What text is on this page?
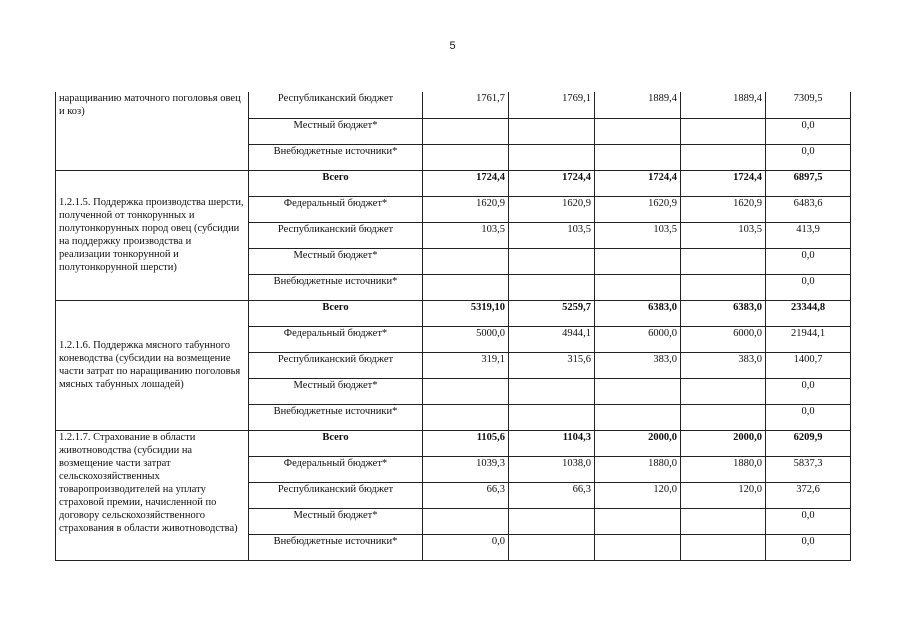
5
наращиванию маточного поголовья овец и коз)	Республиканский бюджет	1761,7	1769,1	1889,4	1889,4	7309,5
	Местный бюджет*					0,0
	Внебюджетные источники*					0,0
1.2.1.5. Поддержка производства шерсти, полученной от тонкорунных и полутонкорунных пород овец (субсидии на поддержку производства и реализации тонкорунной и полутонкорунной шерсти)	Всего	1724,4	1724,4	1724,4	1724,4	6897,5
	Федеральный бюджет*	1620,9	1620,9	1620,9	1620,9	6483,6
	Республиканский бюджет	103,5	103,5	103,5	103,5	413,9
	Местный бюджет*					0,0
	Внебюджетные источники*					0,0
1.2.1.6. Поддержка мясного табунного коневодства (субсидии на возмещение части затрат по наращиванию поголовья мясных табунных лошадей)	Всего	5319,10	5259,7	6383,0	6383,0	23344,8
	Федеральный бюджет*	5000,0	4944,1	6000,0	6000,0	21944,1
	Республиканский бюджет	319,1	315,6	383,0	383,0	1400,7
	Местный бюджет*					0,0
	Внебюджетные источники*					0,0
1.2.1.7. Страхование в области животноводства (субсидии на возмещение части затрат сельскохозяйственных товаропроизводителей на уплату страховой премии, начисленной по договору сельскохозяйственного страхования в области животноводства)	Всего	1105,6	1104,3	2000,0	2000,0	6209,9
	Федеральный бюджет*	1039,3	1038,0	1880,0	1880,0	5837,3
	Республиканский бюджет	66,3	66,3	120,0	120,0	372,6
	Местный бюджет*					0,0
	Внебюджетные источники*	0,0				0,0
